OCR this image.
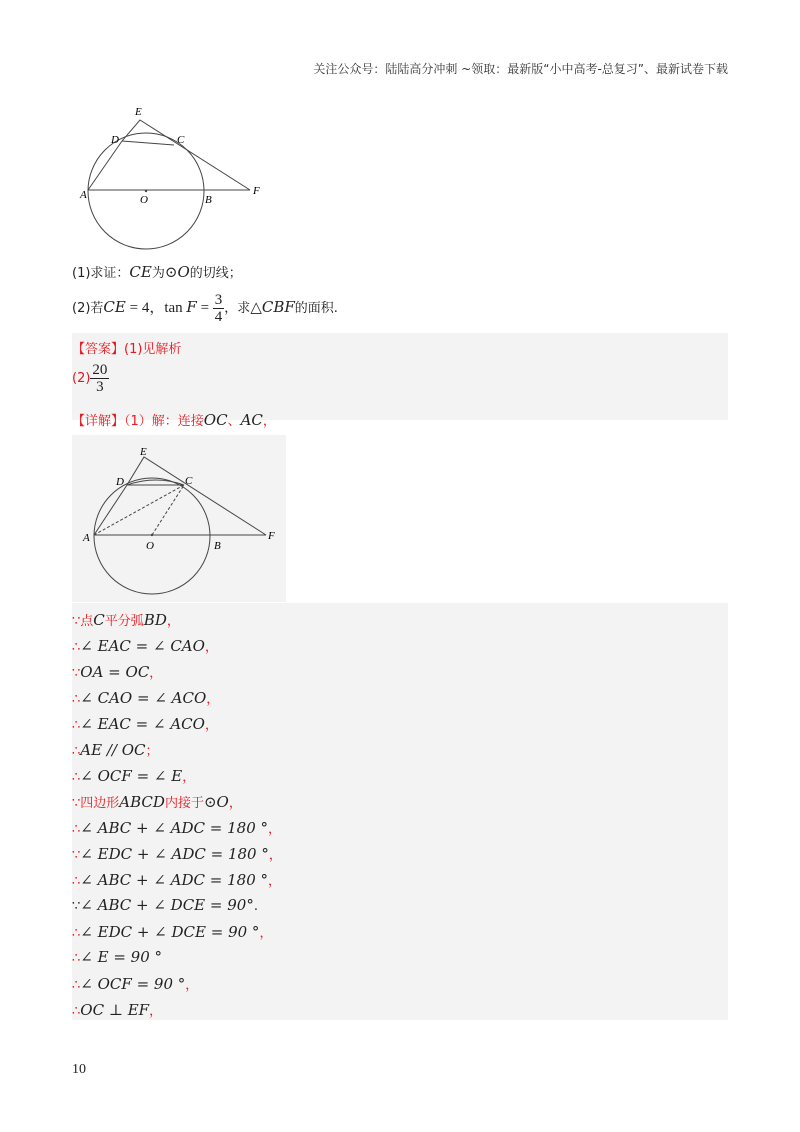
关注公众号：陆陆高分冲刺 ~领取：最新版“小中高考-总复习”、最新试卷下载
E
D	C
A	O	B
F
(1)求证：CE为⊙O的切线；
(2)若CE = 4，$\tan F = \frac{3}{4}$ ，求△CBF的面积.
【答案】(1)见解析
$(2) \frac{20}{3}$
【详解】（1）解：连接OC、AC，
E
D	C
A
O	B
F
∵点C平分弧BD，
∴∠ EAC = ∠ CAO，
∵OA = OC，
∴∠ CAO = ∠ ACO，
∴∠ EAC = ∠ ACO，
∴AE // OC；
∴∠ OCF = ∠ E，
∵四边形ABCD内接于⊙O，
∴∠ ABC + ∠ ADC = 180 °，
∵∠ EDC + ∠ ADC = 180 °，
∴∠ ABC + ∠ ADC = 180 °，
∵∠ ABC + ∠ DCE = 90°.
∴∠ EDC + ∠ DCE = 90 °，
∴∠ E = 90 °
∴∠ OCF = 90 °，
∴OC ⊥ EF，
10
